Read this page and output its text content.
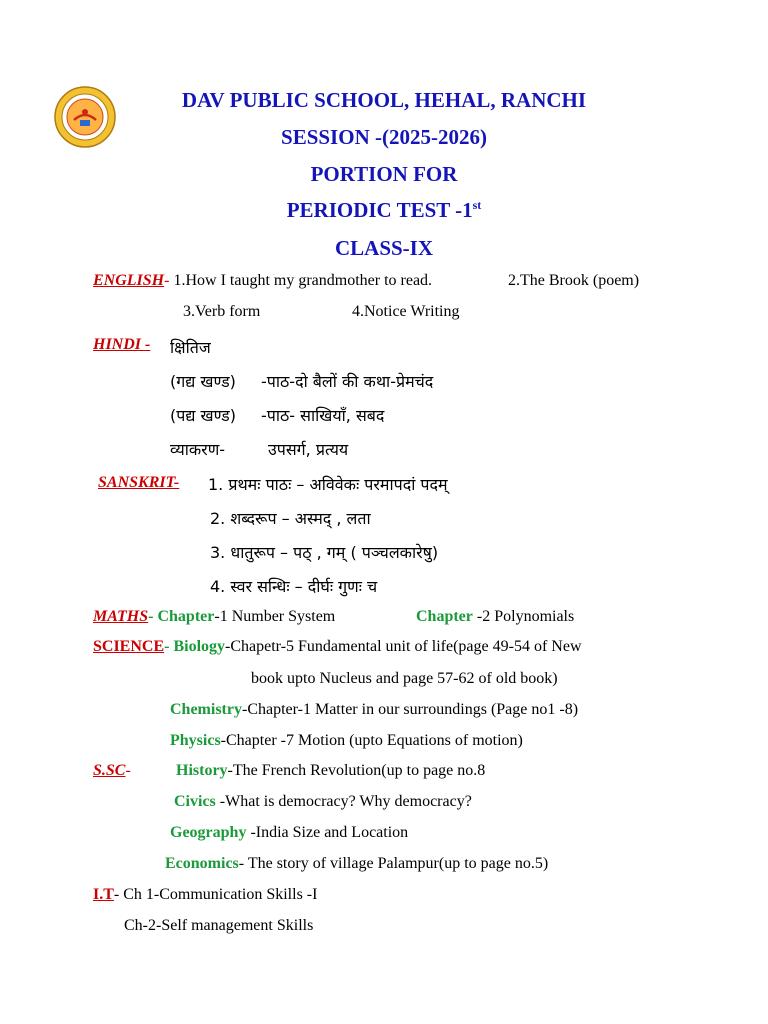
DAV PUBLIC SCHOOL, HEHAL, RANCHI
SESSION -(2025-2026)
PORTION FOR
PERIODIC TEST -1st
CLASS-IX
ENGLISH- 1.How I taught my grandmother to read.	2.The Brook (poem)
3.Verb form	4.Notice Writing
HINDI - क्षितिज
(गद्य खण्ड) -पाठ-दो बैलों की कथा-प्रेमचंद
(पद्य खण्ड) -पाठ- साखियाँ, सबद
व्याकरण-	उपसर्ग, प्रत्यय
SANSKRIT- 1. प्रथमः पाठः – अविवेकः परमापदां पदम्
2. शब्दरूप – अस्मद् , लता
3. धातुरूप – पठ् , गम् ( पञ्चलकारेषु)
4. स्वर सन्धिः – दीर्घः गुणः च
MATHS- Chapter-1 Number System	Chapter -2 Polynomials
SCIENCE- Biology-Chapetr-5 Fundamental unit of life(page 49-54 of New
book upto Nucleus and page 57-62 of old book)
Chemistry-Chapter-1 Matter in our surroundings (Page no1 -8)
Physics-Chapter -7 Motion (upto Equations of motion)
S.SC-	History-The French Revolution(up to page no.8
Civics -What is democracy? Why democracy?
Geography -India Size and Location
Economics- The story of village Palampur(up to page no.5)
I.T- Ch 1-Communication Skills -I
Ch-2-Self management Skills
